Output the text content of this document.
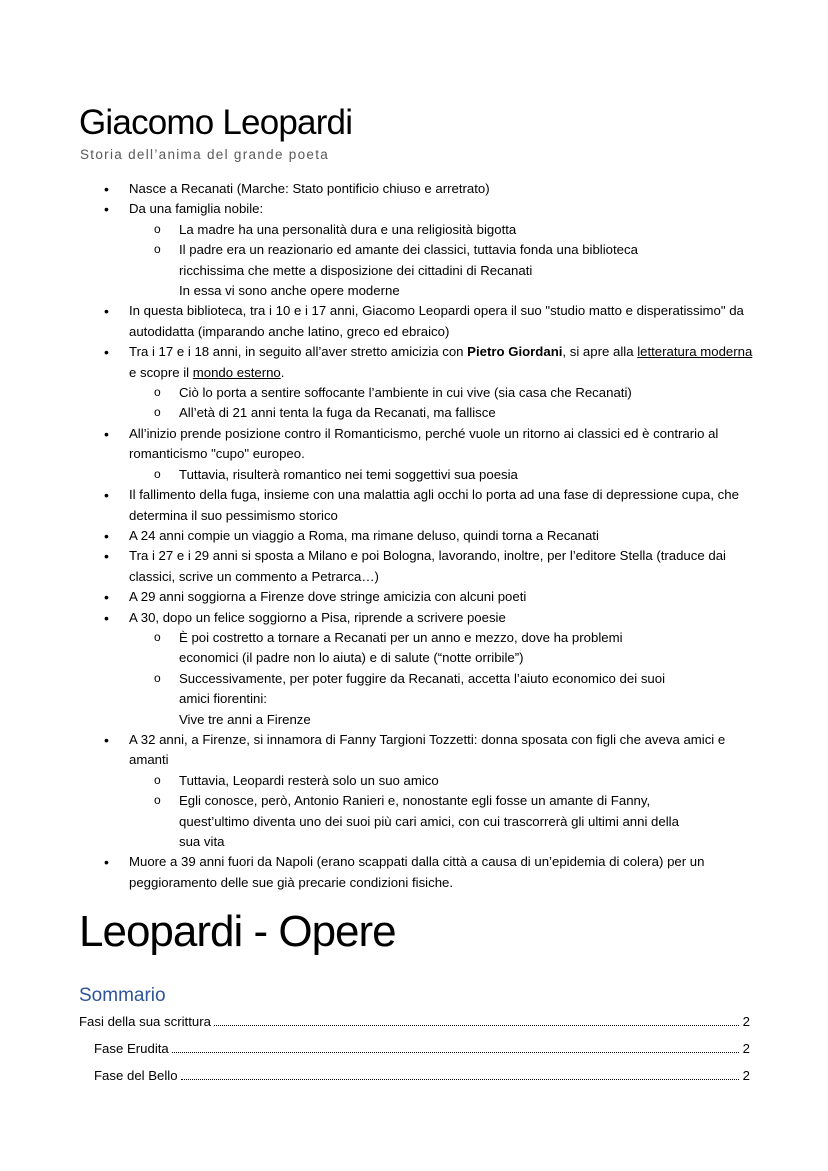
Giacomo Leopardi
Storia dell’anima del grande poeta
• Nasce a Recanati (Marche: Stato pontificio chiuso e arretrato)
• Da una famiglia nobile:
o La madre ha una personalità dura e una religiosità bigotta
o Il padre era un reazionario ed amante dei classici, tuttavia fonda una biblioteca ricchissima che mette a disposizione dei cittadini di Recanati
In essa vi sono anche opere moderne
• In questa biblioteca, tra i 10 e i 17 anni, Giacomo Leopardi opera il suo "studio matto e disperatissimo" da autodidatta (imparando anche latino, greco ed ebraico)
• Tra i 17 e i 18 anni, in seguito all’aver stretto amicizia con Pietro Giordani, si apre alla letteratura moderna e scopre il mondo esterno.
o Ciò lo porta a sentire soffocante l’ambiente in cui vive (sia casa che Recanati)
o All’età di 21 anni tenta la fuga da Recanati, ma fallisce
• All’inizio prende posizione contro il Romanticismo, perché vuole un ritorno ai classici ed è contrario al romanticismo "cupo" europeo.
o Tuttavia, risulterà romantico nei temi soggettivi sua poesia
• Il fallimento della fuga, insieme con una malattia agli occhi lo porta ad una fase di depressione cupa, che determina il suo pessimismo storico
• A 24 anni compie un viaggio a Roma, ma rimane deluso, quindi torna a Recanati
• Tra i 27 e i 29 anni si sposta a Milano e poi Bologna, lavorando, inoltre, per l’editore Stella (traduce dai classici, scrive un commento a Petrarca…)
• A 29 anni soggiorna a Firenze dove stringe amicizia con alcuni poeti
• A 30, dopo un felice soggiorno a Pisa, riprende a scrivere poesie
o È poi costretto a tornare a Recanati per un anno e mezzo, dove ha problemi economici (il padre non lo aiuta) e di salute (“notte orribile”)
o Successivamente, per poter fuggire da Recanati, accetta l’aiuto economico dei suoi amici fiorentini:
Vive tre anni a Firenze
• A 32 anni, a Firenze, si innamora di Fanny Targioni Tozzetti: donna sposata con figli che aveva amici e amanti
o Tuttavia, Leopardi resterà solo un suo amico
o Egli conosce, però, Antonio Ranieri e, nonostante egli fosse un amante di Fanny, quest’ultimo diventa uno dei suoi più cari amici, con cui trascorrerà gli ultimi anni della sua vita
• Muore a 39 anni fuori da Napoli (erano scappati dalla città a causa di un’epidemia di colera) per un peggioramento delle sue già precarie condizioni fisiche.
Leopardi - Opere
Sommario
Fasi della sua scrittura	2
Fase Erudita	2
Fase del Bello	2
